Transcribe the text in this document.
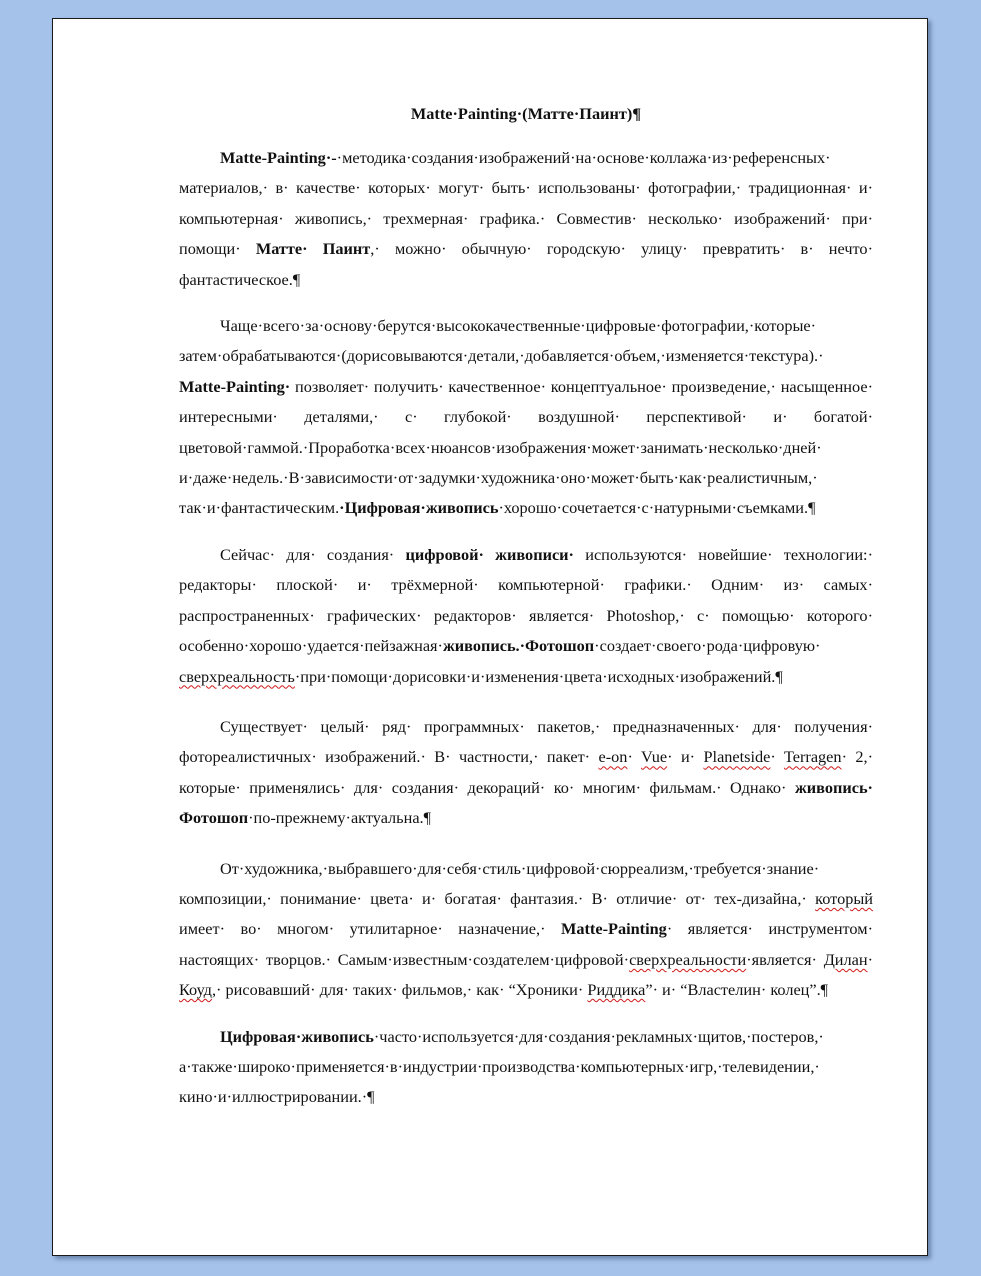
Matte·Painting·(Матте·Паинт)¶
Matte-Painting·-·методика·создания·изображений·на·основе·коллажа·из·референсных· материалов,· в· качестве· которых· могут· быть· использованы· фотографии,· традиционная· и· компьютерная· живопись,· трехмерная· графика.· Совместив· несколько· изображений· при· помощи· Матте· Паинт,· можно· обычную· городскую· улицу· превратить· в· нечто· фантастическое.¶
Чаще·всего·за·основу·берутся·высококачественные·цифровые·фотографии,·которые· затем·обрабатываются·(дорисовываются·детали,·добавляется·объем,·изменяется·текстура).· Matte-Painting· позволяет· получить· качественное· концептуальное· произведение,· насыщенное· интересными· деталями,· с· глубокой· воздушной· перспективой· и· богатой· цветовой·гаммой.·Проработка·всех·нюансов·изображения·может·занимать·несколько·дней· и·даже·недель.·В·зависимости·от·задумки·художника·оно·может·быть·как·реалистичным,· так·и·фантастическим.·Цифровая·живопись·хорошо·сочетается·с·натурными·съемками.¶
Сейчас· для· создания· цифровой· живописи· используются· новейшие· технологии:· редакторы· плоской· и· трёхмерной· компьютерной· графики.· Одним· из· самых· распространенных· графических· редакторов· является· Photoshop,· с· помощью· которого· особенно·хорошо·удается·пейзажная·живопись.·Фотошоп·создает·своего·рода·цифровую· сверхреальность·при·помощи·дорисовки·и·изменения·цвета·исходных·изображений.¶
Существует· целый· ряд· программных· пакетов,· предназначенных· для· получения· фотореалистичных· изображений.· В· частности,· пакет· e-on· Vue· и· Planetside· Terragen· 2,· которые· применялись· для· создания· декораций· ко· многим· фильмам.· Однако· живопись· Фотошоп·по-прежнему·актуальна.¶
От·художника,·выбравшего·для·себя·стиль·цифровой·сюрреализм,·требуется·знание· композиции,· понимание· цвета· и· богатая· фантазия.· В· отличие· от· тех-дизайна,· который имеет· во· многом· утилитарное· назначение,· Matte-Painting· является· инструментом· настоящих· творцов.· Самым·известным·создателем·цифровой·сверхреальности·является· Дилан· Коуд,· рисовавший· для· таких· фильмов,· как· “Хроники· Риддика”· и· “Властелин· колец”.¶
Цифровая·живопись·часто·используется·для·создания·рекламных·щитов,·постеров,· а·также·широко·применяется·в·индустрии·производства·компьютерных·игр,·телевидении,· кино·и·иллюстрировании.·¶
